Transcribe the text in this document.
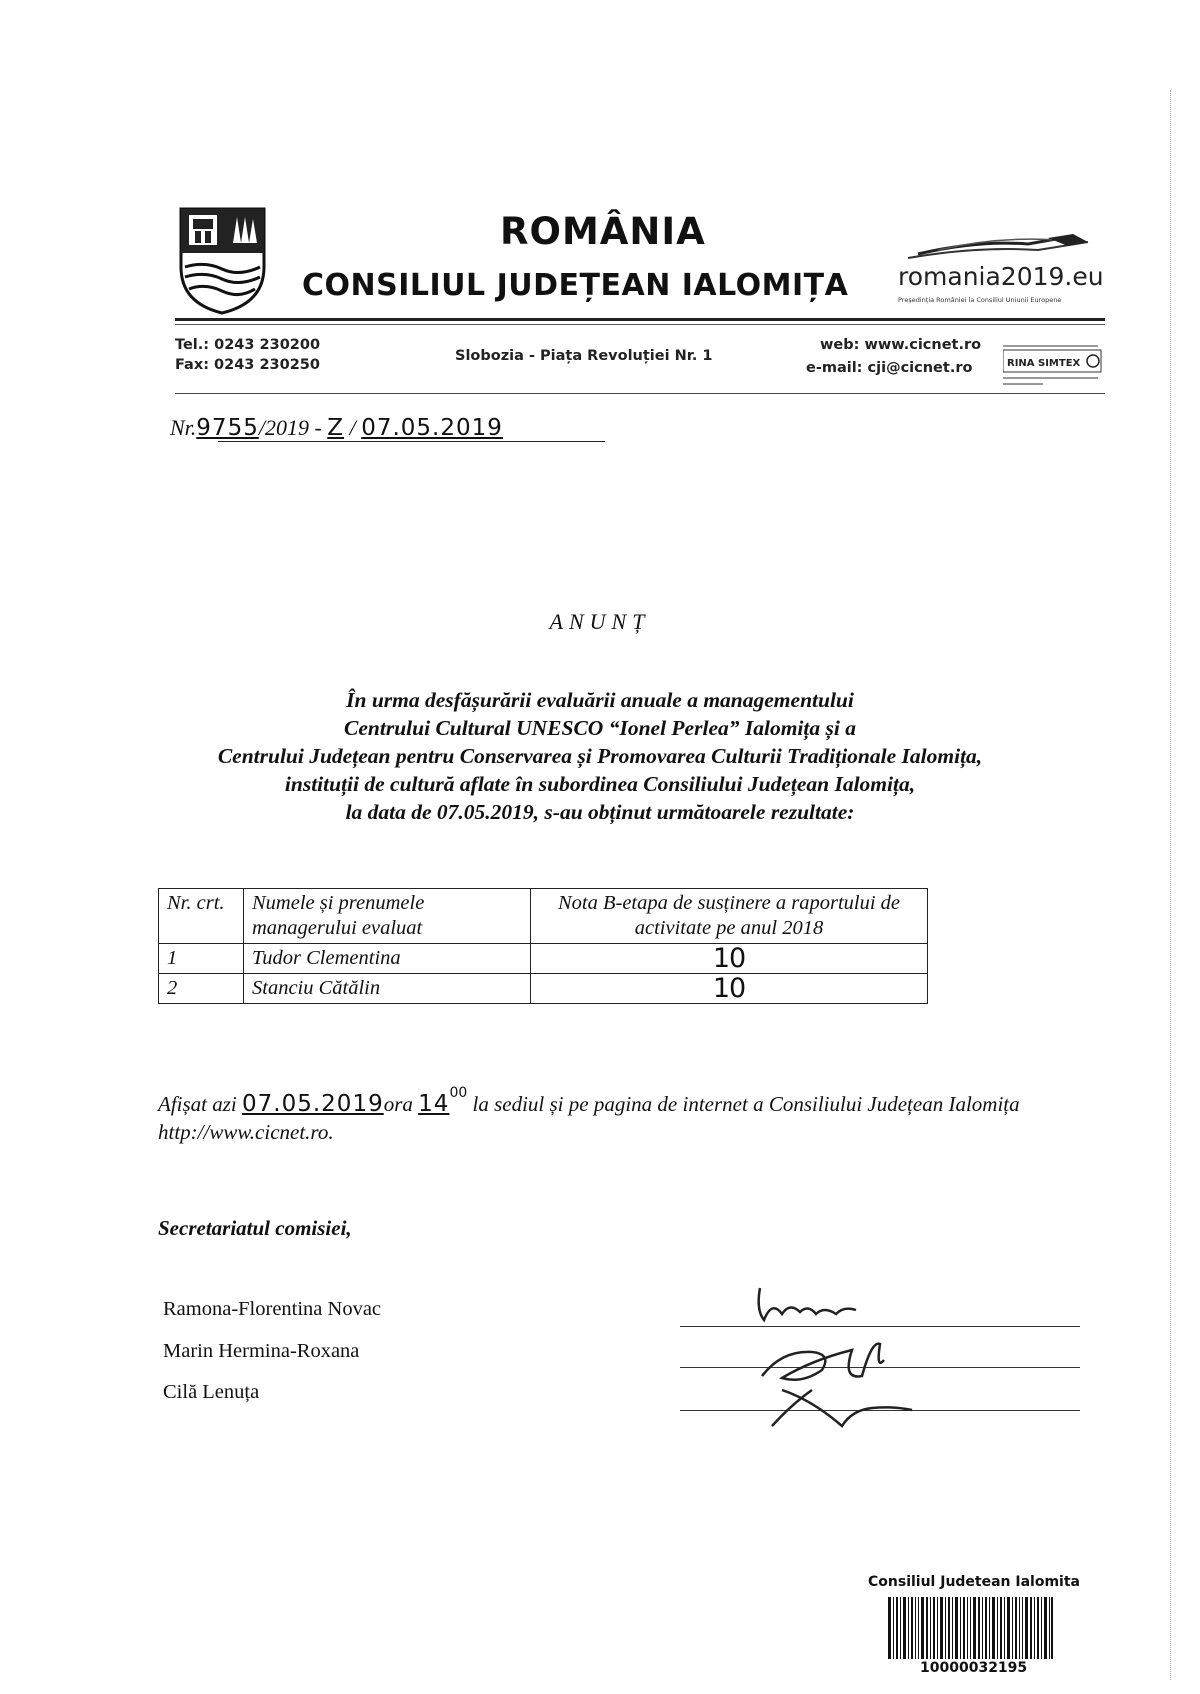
ROMÂNIA
CONSILIUL JUDEȚEAN IALOMIȚA romania2019.eu
Președinția României la Consiliul Uniunii Europene
Tel.: 0243 230200
Fax: 0243 230250
Slobozia - Piața Revoluției Nr. 1
web: www.cicnet.ro
e-mail: cji@cicnet.ro	RINA SIMTEX
Nr.9755/2019 - Z / 07.05.2019
ANUNȚ
În urma desfășurării evaluării anuale a managementului
Centrului Cultural UNESCO “Ionel Perlea” Ialomița și a
Centrului Județean pentru Conservarea și Promovarea Culturii Tradiționale Ialomița,
instituții de cultură aflate în subordinea Consiliului Județean Ialomița,
la data de 07.05.2019, s-au obținut următoarele rezultate:
Nr. crt.	Numele și prenumele managerului evaluat	Nota B-etapa de susținere a raportului de activitate pe anul 2018
1	Tudor Clementina	10
2	Stanciu Cătălin	10
Afișat azi 07.05.2019ora $14^{00}$ la sediul și pe pagina de internet a Consiliului Județean Ialomița http://www.cicnet.ro.
Secretariatul comisiei,
Ramona-Florentina Novac
Marin Hermina-Roxana
Cilă Lenuța
Consiliul Judetean Ialomita
10000032195
